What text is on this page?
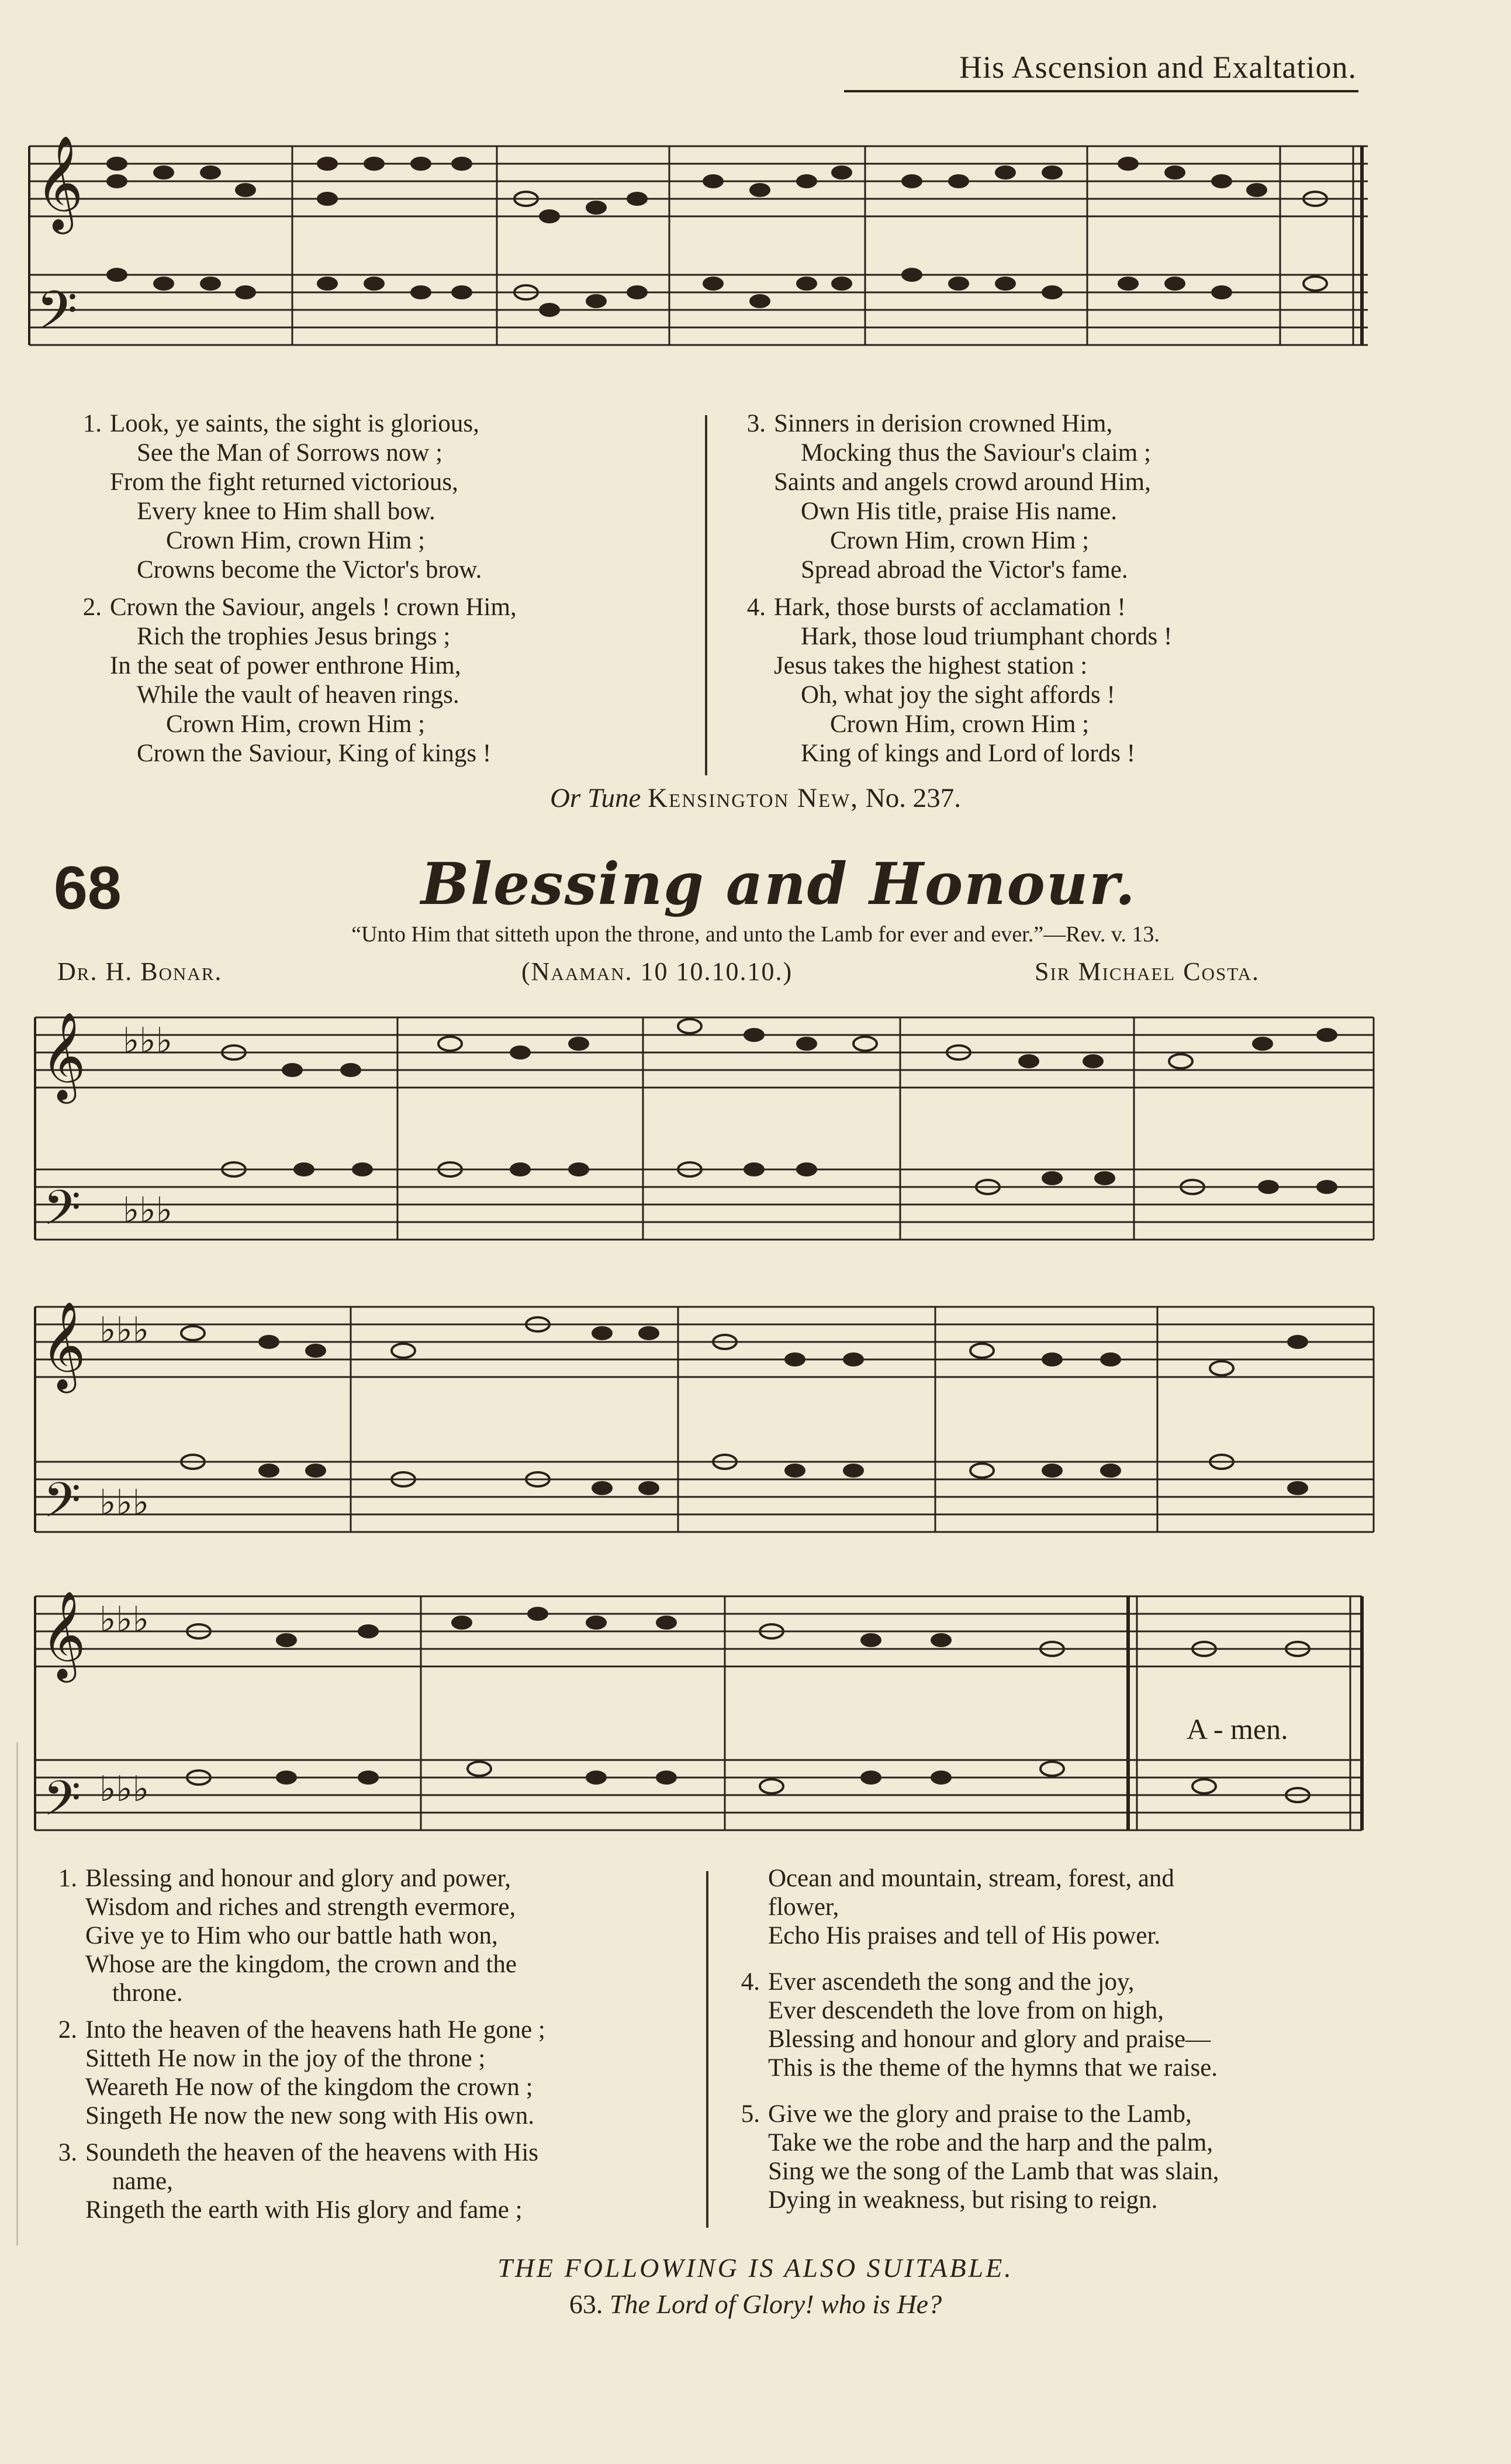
His Ascension and Exaltation.
𝄞
𝄢
1. Look, ye saints, the sight is glorious,
See the Man of Sorrows now ;
From the fight returned victorious,
Every knee to Him shall bow.
Crown Him, crown Him ;
Crowns become the Victor's brow.
2. Crown the Saviour, angels ! crown Him,
Rich the trophies Jesus brings ;
In the seat of power enthrone Him,
While the vault of heaven rings.
Crown Him, crown Him ;
Crown the Saviour, King of kings !
3. Sinners in derision crowned Him,
Mocking thus the Saviour's claim ;
Saints and angels crowd around Him,
Own His title, praise His name.
Crown Him, crown Him ;
Spread abroad the Victor's fame.
4. Hark, those bursts of acclamation !
Hark, those loud triumphant chords !
Jesus takes the highest station :
Oh, what joy the sight affords !
Crown Him, crown Him ;
King of kings and Lord of lords !
Or Tune Kensington New, No. 237.
68	Blessing and Honour.
“Unto Him that sitteth upon the throne, and unto the Lamb for ever and ever.”—Rev. v. 13.
Dr. H. Bonar.	(Naaman. 10 10.10.10.)	Sir Michael Costa.
𝄞
𝄢
𝄞
𝄢
𝄞
𝄢
♭♭♭
♭♭♭
♭♭♭
♭♭♭
♭♭♭
♭♭♭
A - men.
1. Blessing and honour and glory and power,
Wisdom and riches and strength evermore,
Give ye to Him who our battle hath won,
Whose are the kingdom, the crown and the
throne.
2. Into the heaven of the heavens hath He gone ;
Sitteth He now in the joy of the throne ;
Weareth He now of the kingdom the crown ;
Singeth He now the new song with His own.
3. Soundeth the heaven of the heavens with His
name,
Ringeth the earth with His glory and fame ;
Ocean and mountain, stream, forest, and
flower,
Echo His praises and tell of His power.
4. Ever ascendeth the song and the joy,
Ever descendeth the love from on high,
Blessing and honour and glory and praise—
This is the theme of the hymns that we raise.
5. Give we the glory and praise to the Lamb,
Take we the robe and the harp and the palm,
Sing we the song of the Lamb that was slain,
Dying in weakness, but rising to reign.
THE FOLLOWING IS ALSO SUITABLE.
63. The Lord of Glory! who is He?
